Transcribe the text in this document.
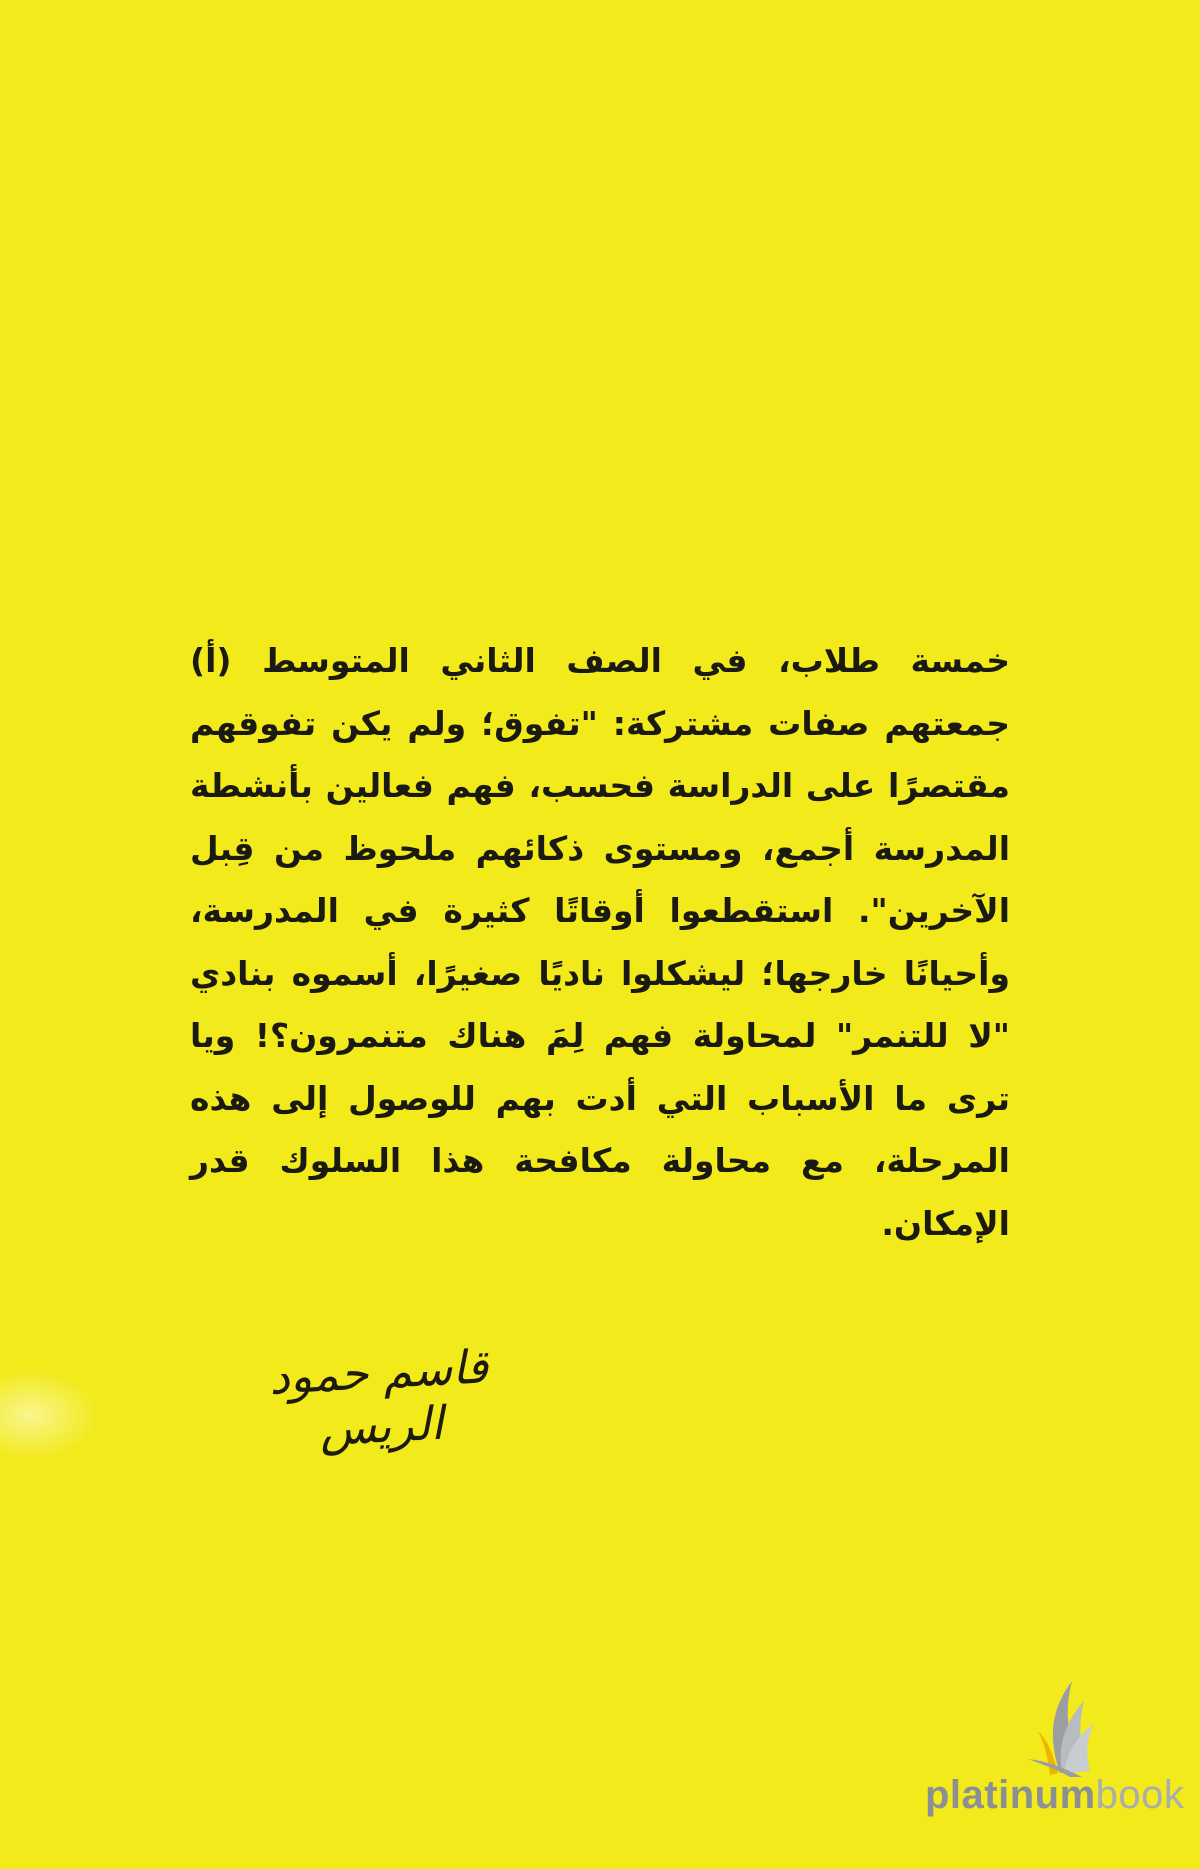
خمسة طلاب، في الصف الثاني المتوسط (أ) جمعتهم صفات مشتركة: "تفوق؛ ولم يكن تفوقهم مقتصرًا على الدراسة فحسب، فهم فعالين بأنشطة المدرسة أجمع، ومستوى ذكائهم ملحوظ من قِبل الآخرين". استقطعوا أوقاتًا كثيرة في المدرسة، وأحيانًا خارجها؛ ليشكلوا ناديًا صغيرًا، أسموه بنادي "لا للتنمر" لمحاولة فهم لِمَ هناك متنمرون؟! ويا ترى ما الأسباب التي أدت بهم للوصول إلى هذه المرحلة، مع محاولة مكافحة هذا السلوك قدر الإمكان.

قاسم حمود الريس
platinumbook
